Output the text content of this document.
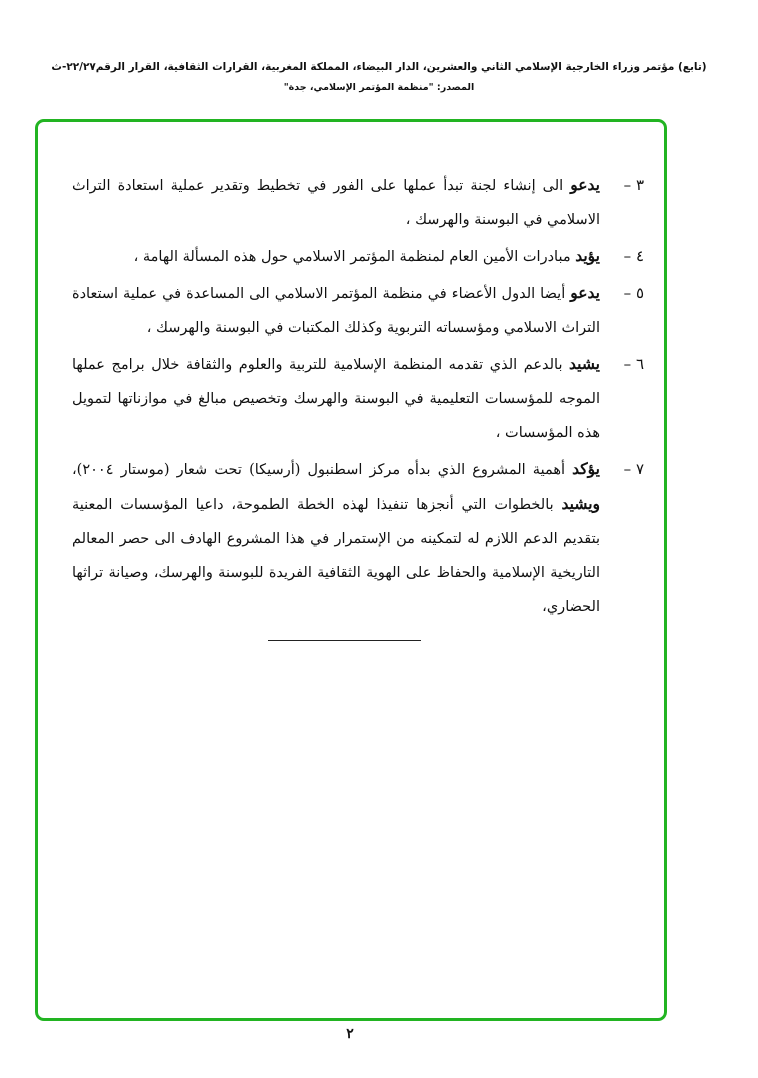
(تابع) مؤتمر وزراء الخارجية الإسلامي الثاني والعشرين، الدار البيضاء، المملكة المغربية، القرارات الثقافية، القرار الرقم٢٢/٢٧-ث
المصدر: "منظمة المؤتمر الإسلامي، جدة"
٣ –
يدعو الى إنشاء لجنة تبدأ عملها على الفور في تخطيط وتقدير عملية استعادة التراث الاسلامي في البوسنة والهرسك ،
٤ –
يؤيد مبادرات الأمين العام لمنظمة المؤتمر الاسلامي حول هذه المسألة الهامة ،
٥ –
يدعو أيضا الدول الأعضاء في منظمة المؤتمر الاسلامي الى المساعدة في عملية استعادة التراث الاسلامي ومؤسساته التربوية وكذلك المكتبات في البوسنة والهرسك ،
٦ –
يشيد بالدعم الذي تقدمه المنظمة الإسلامية للتربية والعلوم والثقافة خلال برامج عملها الموجه للمؤسسات التعليمية في البوسنة والهرسك وتخصيص مبالغ في موازناتها لتمويل هذه المؤسسات ،
٧ –
يؤكد أهمية المشروع الذي بدأه مركز اسطنبول (أرسيكا) تحت شعار (موستار ٢٠٠٤)، ويشيد بالخطوات التي أنجزها تنفيذا لهذه الخطة الطموحة، داعيا المؤسسات المعنية بتقديم الدعم اللازم له لتمكينه من الإستمرار في هذا المشروع الهادف الى حصر المعالم التاريخية الإسلامية والحفاظ على الهوية الثقافية الفريدة للبوسنة والهرسك، وصيانة تراثها الحضاري،
٢
